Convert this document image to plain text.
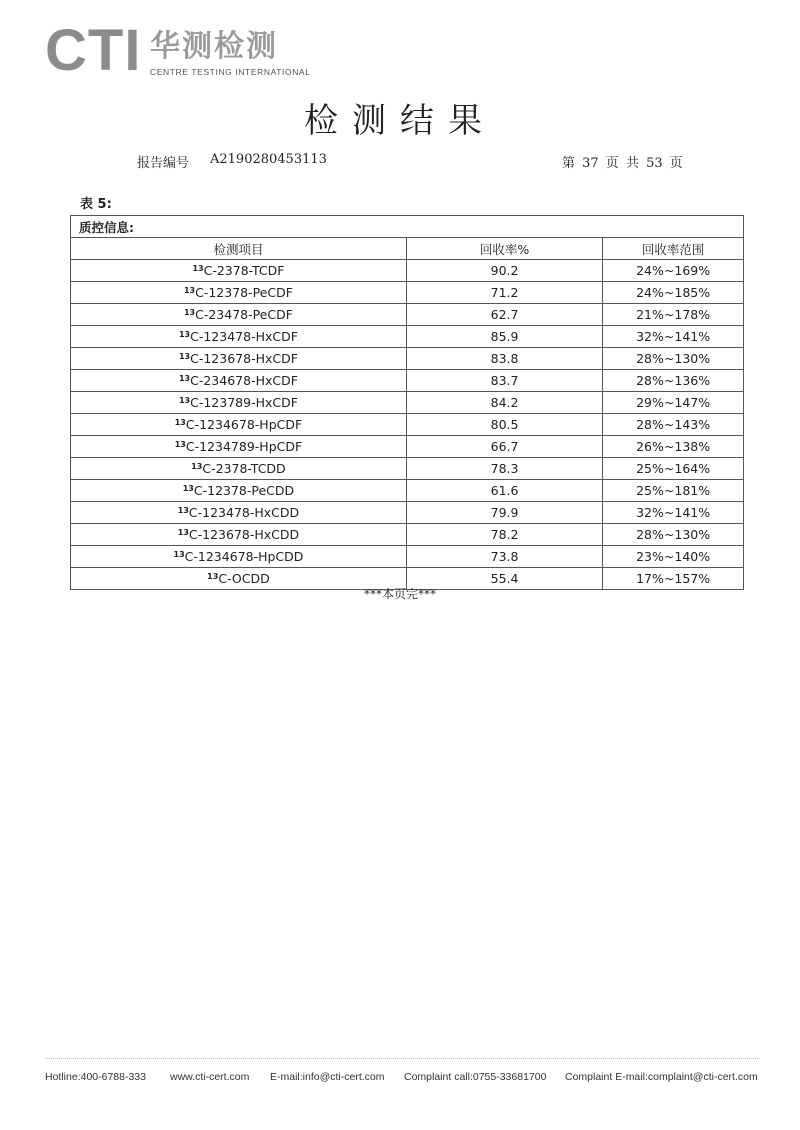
CTI 华测检测
CENTRE TESTING INTERNATIONAL
检测结果
报告编号 A2190280453113	第 37 页 共 53 页
表 5:
质控信息:		
检测项目	回收率%	回收率范围
$^{13}$C-2378-TCDF	90.2	24%~169%
$^{13}$C-12378-PeCDF	71.2	24%~185%
$^{13}$C-23478-PeCDF	62.7	21%~178%
$^{13}$C-123478-HxCDF	85.9	32%~141%
$^{13}$C-123678-HxCDF	83.8	28%~130%
$^{13}$C-234678-HxCDF	83.7	28%~136%
$^{13}$C-123789-HxCDF	84.2	29%~147%
$^{13}$C-1234678-HpCDF	80.5	28%~143%
$^{13}$C-1234789-HpCDF	66.7	26%~138%
$^{13}$C-2378-TCDD	78.3	25%~164%
$^{13}$C-12378-PeCDD	61.6	25%~181%
$^{13}$C-123478-HxCDD	79.9	32%~141%
$^{13}$C-123678-HxCDD	78.2	28%~130%
$^{13}$C-1234678-HpCDD	73.8	23%~140%
$^{13}$C-OCDD	55.4	17%~157%
***本页完***
Hotline:400-6788-333 www.cti-cert.com E-mail:info@cti-cert.com Complaint call:0755-33681700 Complaint E-mail:complaint@cti-cert.com
